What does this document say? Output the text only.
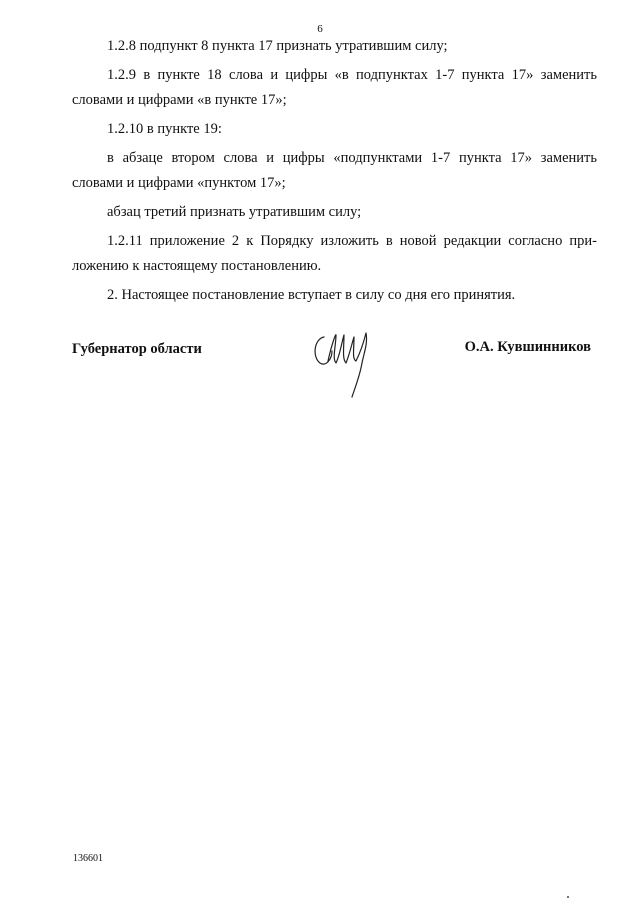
6

1.2.8 подпункт 8 пункта 17 признать утратившим силу;

1.2.9 в пункте 18 слова и цифры «в подпунктах 1-7 пункта 17» заменить словами и цифрами «в пункте 17»;

1.2.10 в пункте 19:

в абзаце втором слова и цифры «подпунктами 1-7 пункта 17» заменить словами и цифрами «пунктом 17»;

абзац третий признать утратившим силу;

1.2.11 приложение 2 к Порядку изложить в новой редакции согласно приложению к настоящему постановлению.

2. Настоящее постановление вступает в силу со дня его принятия.

Губернатор области	О.А. Кувшинников
136601
